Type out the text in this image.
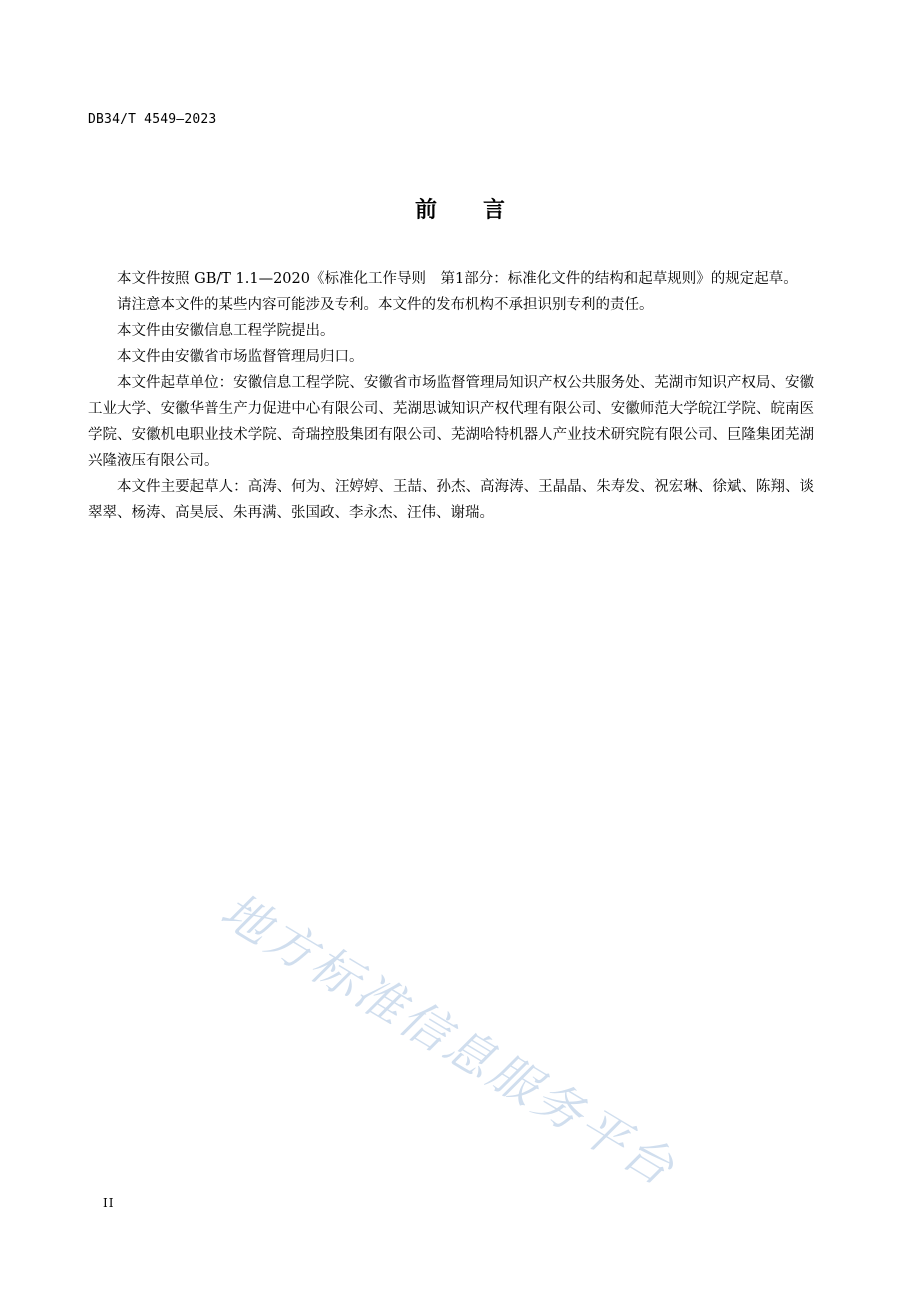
DB34/T 4549—2023
前 言

本文件按照 GB/T 1.1—2020《标准化工作导则　第1部分：标准化文件的结构和起草规则》的规定起草。

请注意本文件的某些内容可能涉及专利。本文件的发布机构不承担识别专利的责任。

本文件由安徽信息工程学院提出。

本文件由安徽省市场监督管理局归口。

本文件起草单位：安徽信息工程学院、安徽省市场监督管理局知识产权公共服务处、芜湖市知识产权局、安徽工业大学、安徽华普生产力促进中心有限公司、芜湖思诚知识产权代理有限公司、安徽师范大学皖江学院、皖南医学院、安徽机电职业技术学院、奇瑞控股集团有限公司、芜湖哈特机器人产业技术研究院有限公司、巨隆集团芜湖兴隆液压有限公司。

本文件主要起草人：高涛、何为、汪婷婷、王喆、孙杰、高海涛、王晶晶、朱寿发、祝宏琳、徐斌、陈翔、谈翠翠、杨涛、高昊辰、朱再满、张国政、李永杰、汪伟、谢瑞。

地方标准信息服务平台
II
